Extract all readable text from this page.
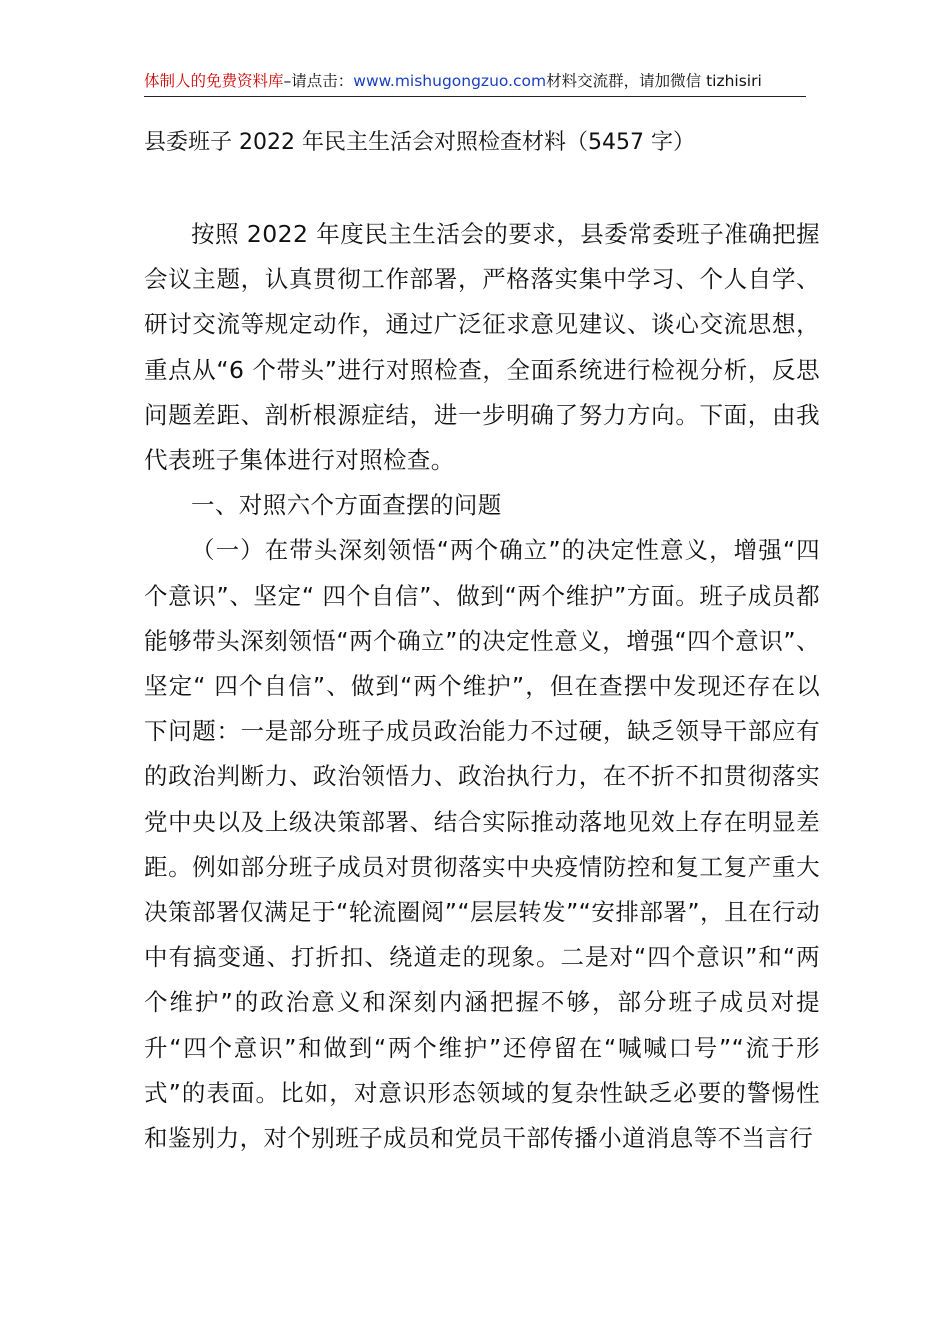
体制人的免费资料库–请点击：www.mishugongzuo.com材料交流群，请加微信 tizhisiri
县委班子 2022 年民主生活会对照检查材料（5457 字）

按照 2022 年度民主生活会的要求，县委常委班子准确把握会议主题，认真贯彻工作部署，严格落实集中学习、个人自学、研讨交流等规定动作，通过广泛征求意见建议、谈心交流思想，重点从“6 个带头”进行对照检查，全面系统进行检视分析，反思问题差距、剖析根源症结，进一步明确了努力方向。下面，由我代表班子集体进行对照检查。

一、对照六个方面查摆的问题

（一）在带头深刻领悟“两个确立”的决定性意义，增强“四个意识”、坚定“ 四个自信”、做到“两个维护”方面。班子成员都能够带头深刻领悟“两个确立”的决定性意义，增强“四个意识”、坚定“ 四个自信”、做到“两个维护”，但在查摆中发现还存在以下问题：一是部分班子成员政治能力不过硬，缺乏领导干部应有的政治判断力、政治领悟力、政治执行力，在不折不扣贯彻落实党中央以及上级决策部署、结合实际推动落地见效上存在明显差距。例如部分班子成员对贯彻落实中央疫情防控和复工复产重大决策部署仅满足于“轮流圈阅”“层层转发”“安排部署”，且在行动中有搞变通、打折扣、绕道走的现象。二是对“四个意识”和“两个维护”的政治意义和深刻内涵把握不够，部分班子成员对提升“四个意识”和做到“两个维护”还停留在“喊喊口号”“流于形式”的表面。比如，对意识形态领域的复杂性缺乏必要的警惕性和鉴别力，对个别班子成员和党员干部传播小道消息等不当言行
